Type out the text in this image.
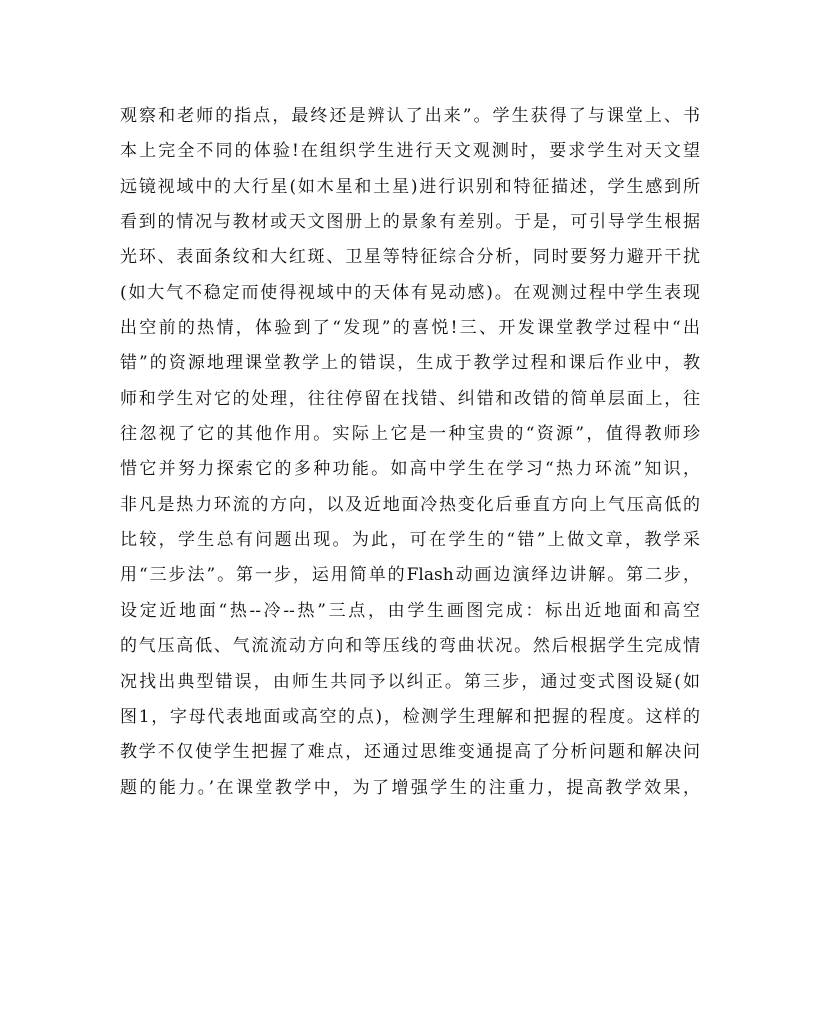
观察和老师的指点，最终还是辨认了出来”。学生获得了与课堂上、书
本上完全不同的体验!在组织学生进行天文观测时，要求学生对天文望
远镜视域中的大行星(如木星和土星)进行识别和特征描述，学生感到所
看到的情况与教材或天文图册上的景象有差别。于是，可引导学生根据
光环、表面条纹和大红斑、卫星等特征综合分析，同时要努力避开干扰
(如大气不稳定而使得视域中的天体有晃动感)。在观测过程中学生表现
出空前的热情，体验到了“发现”的喜悦!三、开发课堂教学过程中“出
错”的资源地理课堂教学上的错误，生成于教学过程和课后作业中，教
师和学生对它的处理，往往停留在找错、纠错和改错的简单层面上，往
往忽视了它的其他作用。实际上它是一种宝贵的“资源”，值得教师珍
惜它并努力探索它的多种功能。如高中学生在学习“热力环流”知识，
非凡是热力环流的方向，以及近地面冷热变化后垂直方向上气压高低的
比较，学生总有问题出现。为此，可在学生的“错”上做文章，教学采
用“三步法”。第一步，运用简单的Flash动画边演绎边讲解。第二步，
设定近地面“热--冷--热”三点，由学生画图完成：标出近地面和高空
的气压高低、气流流动方向和等压线的弯曲状况。然后根据学生完成情
况找出典型错误，由师生共同予以纠正。第三步，通过变式图设疑(如
图1，字母代表地面或高空的点)，检测学生理解和把握的程度。这样的
教学不仅使学生把握了难点，还通过思维变通提高了分析问题和解决问
题的能力。’在课堂教学中，为了增强学生的注重力，提高教学效果，
